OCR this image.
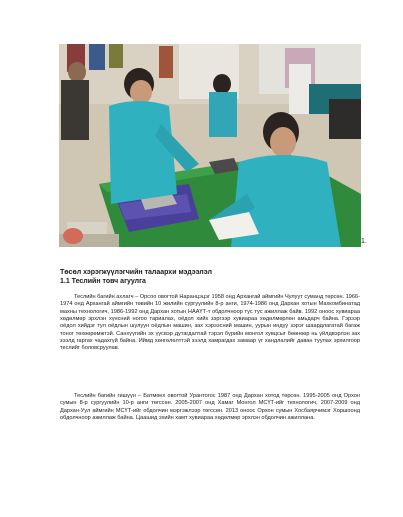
1.
Төсөл хэрэгжүүлэгчийн талаархи мэдээлэл
1.1 Теслийн товч агуулга

Теслийн багийн ахлагч – Орсоо овогтой Наранцэцэг 1958 онд Архангай аймгийн Чулуут суманд төрсөн. 1966-1974 онд Архангай аймгийн төвийн 10 жилийн сургуулийн 8-р анги, 1974-1986 онд Дархан хотын Махкомбинатад махны технологич, 1986-1992 онд Дархан хотын НААҮТ-т обдолчноор тус тус ажиллаж байв. 1992 оноос хувиараа хөдөлмөр эрхлэн хүнсний ногоо тариалах, оёдол хийх зэргээр хувиараа хөдөлмөрлөн амьдарч байна. Гэрээр оёдол хийдэг тул оёдлын шулуун оёдлын машин, зах хэрээсний машин, уурын индүү зэрэг шаардлагатай багаж тоног төхөөрөмжтэй. Санхүүгийн эх үүсвэр дутагдалтай тэрэл бүрийн монгол хувцсыг бөөнөөр нь үйлдвэрлэн зах зээлд гаргах чадахгүй байна. Иймд хөнгөлөлттэй зээлд хамрагдах замаар үг хандлалийг даван туулах эрхилгоор теслийг боловсруулав.

Теслийн багийн гишүүн – Батмөнх овогтой Урантогос 1987 онд Дархан хотод төрсөн. 1995-2005 онд Орхон сумын 8-р сургуулийн 10-р анги төгссөн. 2005-2007 онд Хамаг Монгол МСҮТ-ийг технологич, 2007-2009 онд Дархан-Уул аймгийн МСҮТ-ийг обдолчин мэргэжлээр төгссөн. 2013 оноос Орхон сумын Хосбаярчимэг Хоршоонд обдолчноор ажиллаж байна. Цаашид эхийн хамт хувиараа хөдөлмөр эрхлэн обдолчин ажиллана.
